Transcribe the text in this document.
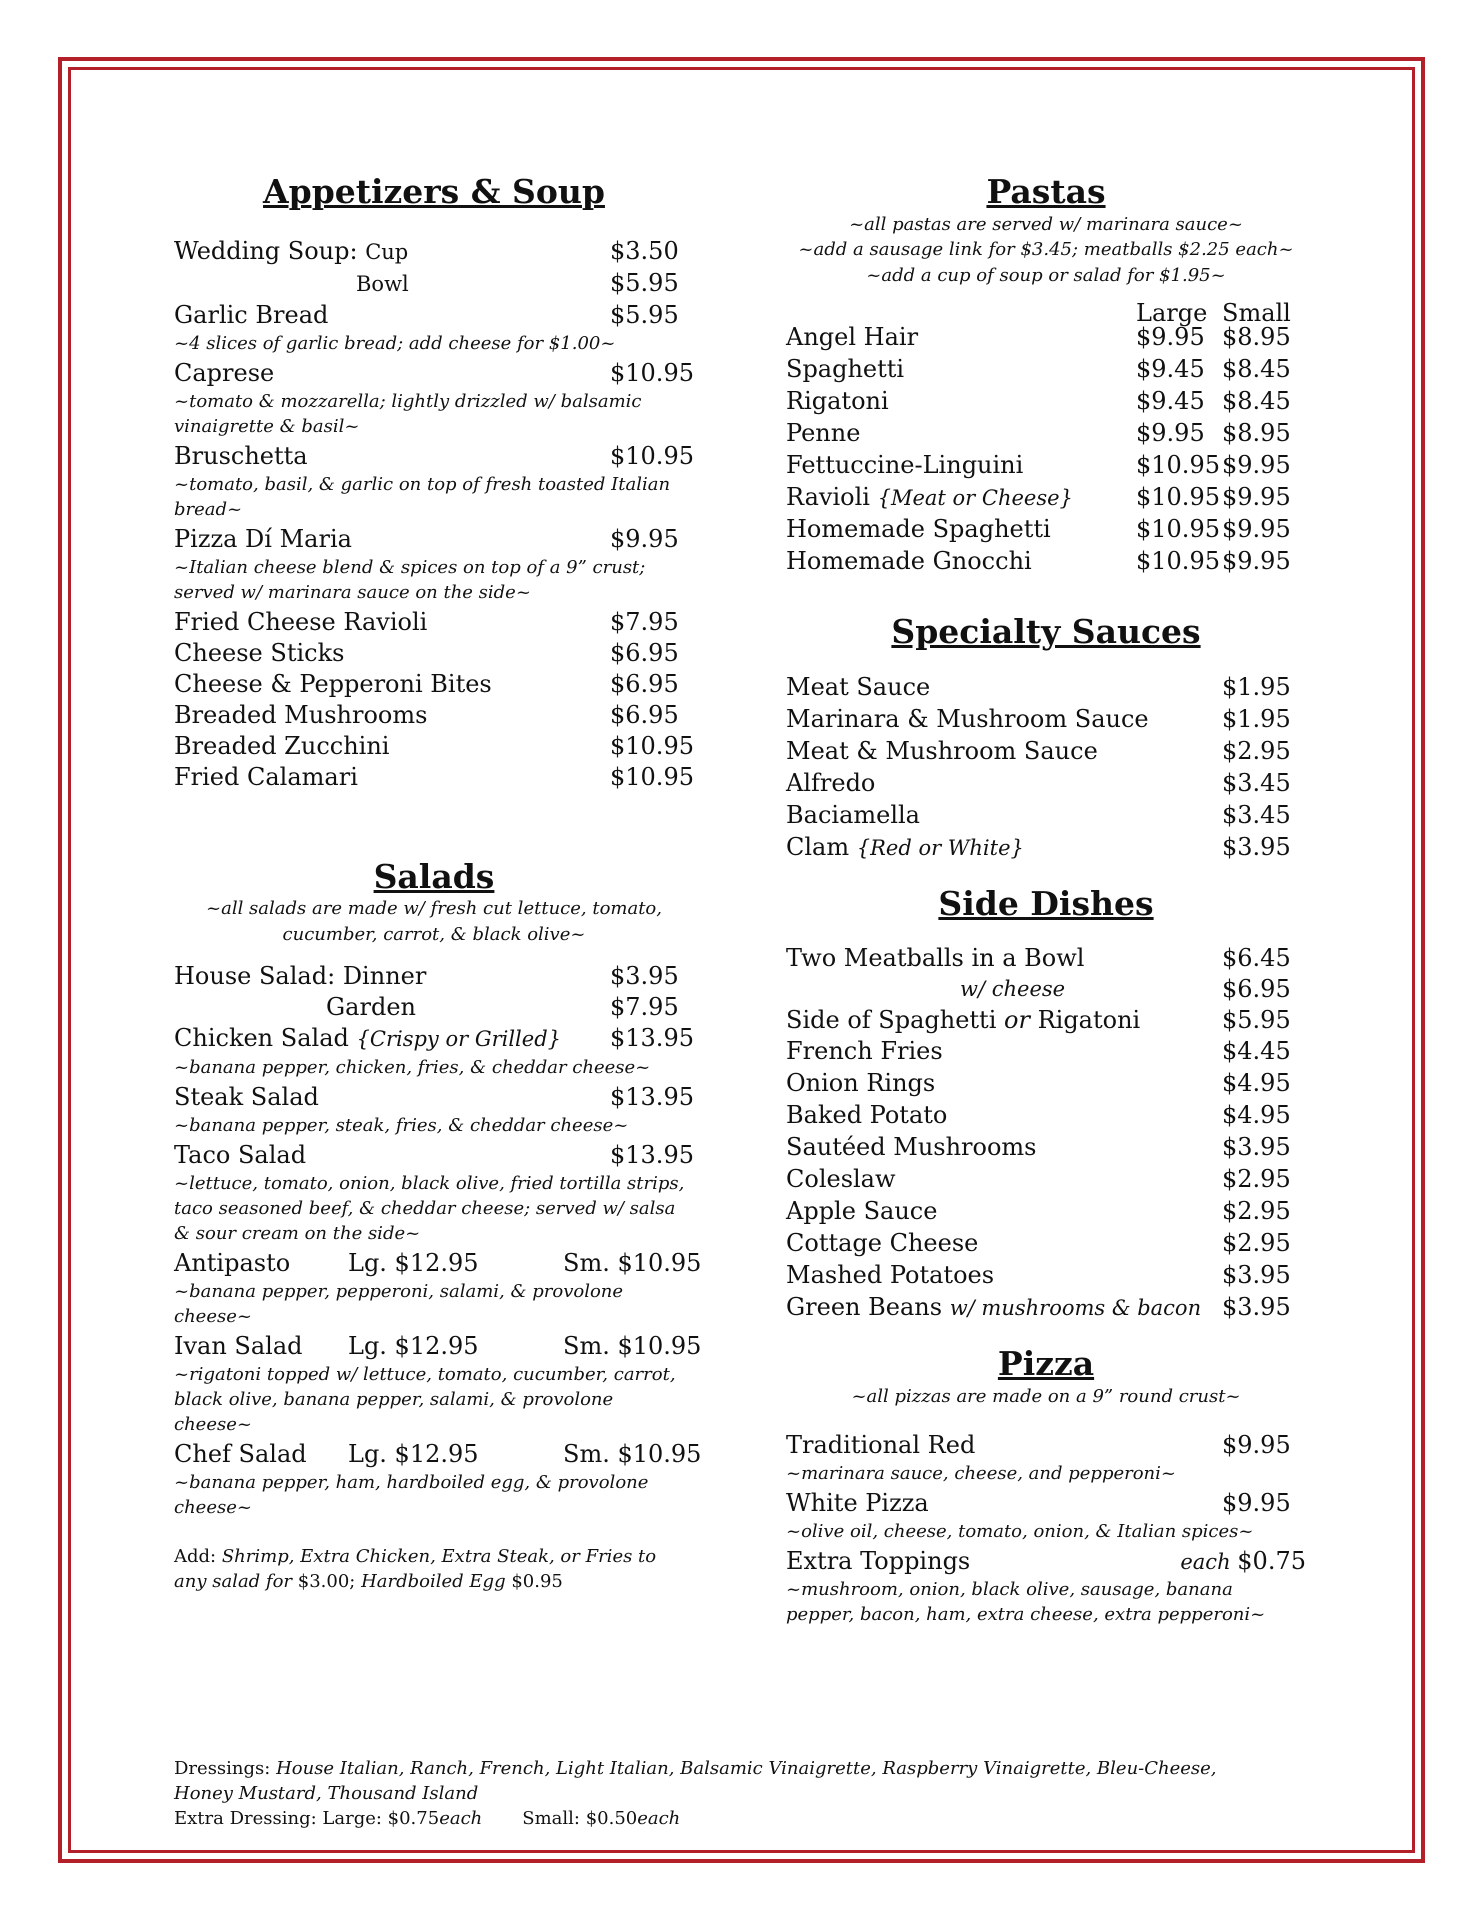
Appetizers & Soup
Wedding Soup: Cup	$3.50
Bowl	$5.95
Garlic Bread	$5.95
~4 slices of garlic bread; add cheese for $1.00~
Caprese	$10.95
~tomato & mozzarella; lightly drizzled w/ balsamic vinaigrette & basil~
Bruschetta	$10.95
~tomato, basil, & garlic on top of fresh toasted Italian bread~
Pizza Dí Maria	$9.95
~Italian cheese blend & spices on top of a 9” crust; served w/ marinara sauce on the side~
Fried Cheese Ravioli	$7.95
Cheese Sticks	$6.95
Cheese & Pepperoni Bites	$6.95
Breaded Mushrooms	$6.95
Breaded Zucchini	$10.95
Fried Calamari	$10.95
Salads
~all salads are made w/ fresh cut lettuce, tomato, cucumber, carrot, & black olive~
House Salad: Dinner	$3.95
Garden	$7.95
Chicken Salad {Crispy or Grilled}	$13.95
~banana pepper, chicken, fries, & cheddar cheese~
Steak Salad	$13.95
~banana pepper, steak, fries, & cheddar cheese~
Taco Salad	$13.95
~lettuce, tomato, onion, black olive, fried tortilla strips, taco seasoned beef, & cheddar cheese; served w/ salsa & sour cream on the side~
Antipasto	Lg. $12.95	Sm. $10.95
~banana pepper, pepperoni, salami, & provolone cheese~
Ivan Salad	Lg. $12.95	Sm. $10.95
~rigatoni topped w/ lettuce, tomato, cucumber, carrot, black olive, banana pepper, salami, & provolone cheese~
Chef Salad	Lg. $12.95	Sm. $10.95
~banana pepper, ham, hardboiled egg, & provolone cheese~
Add: Shrimp, Extra Chicken, Extra Steak, or Fries to any salad for $3.00; Hardboiled Egg $0.95
Pastas
~all pastas are served w/ marinara sauce~
~add a sausage link for $3.45; meatballs $2.25 each~
~add a cup of soup or salad for $1.95~
Large Small
Angel Hair	$9.95 $8.95
Spaghetti	$9.45 $8.45
Rigatoni	$9.45 $8.45
Penne	$9.95 $8.95
Fettuccine-Linguini	$10.95 $9.95
Ravioli {Meat or Cheese}	$10.95 $9.95
Homemade Spaghetti	$10.95 $9.95
Homemade Gnocchi	$10.95 $9.95
Specialty Sauces
Meat Sauce	$1.95
Marinara & Mushroom Sauce	$1.95
Meat & Mushroom Sauce	$2.95
Alfredo	$3.45
Baciamella	$3.45
Clam {Red or White}	$3.95
Side Dishes
Two Meatballs in a Bowl	$6.45
w/ cheese	$6.95
Side of Spaghetti or Rigatoni	$5.95
French Fries	$4.45
Onion Rings	$4.95
Baked Potato	$4.95
Sautéed Mushrooms	$3.95
Coleslaw	$2.95
Apple Sauce	$2.95
Cottage Cheese	$2.95
Mashed Potatoes	$3.95
Green Beans w/ mushrooms & bacon $3.95
Pizza
~all pizzas are made on a 9” round crust~
Traditional Red	$9.95
~marinara sauce, cheese, and pepperoni~
White Pizza	$9.95
~olive oil, cheese, tomato, onion, & Italian spices~
Extra Toppings	each $0.75
~mushroom, onion, black olive, sausage, banana pepper, bacon, ham, extra cheese, extra pepperoni~
Dressings: House Italian, Ranch, French, Light Italian, Balsamic Vinaigrette, Raspberry Vinaigrette, Bleu-Cheese, Honey Mustard, Thousand Island
Extra Dressing: Large: $0.75each Small: $0.50each
